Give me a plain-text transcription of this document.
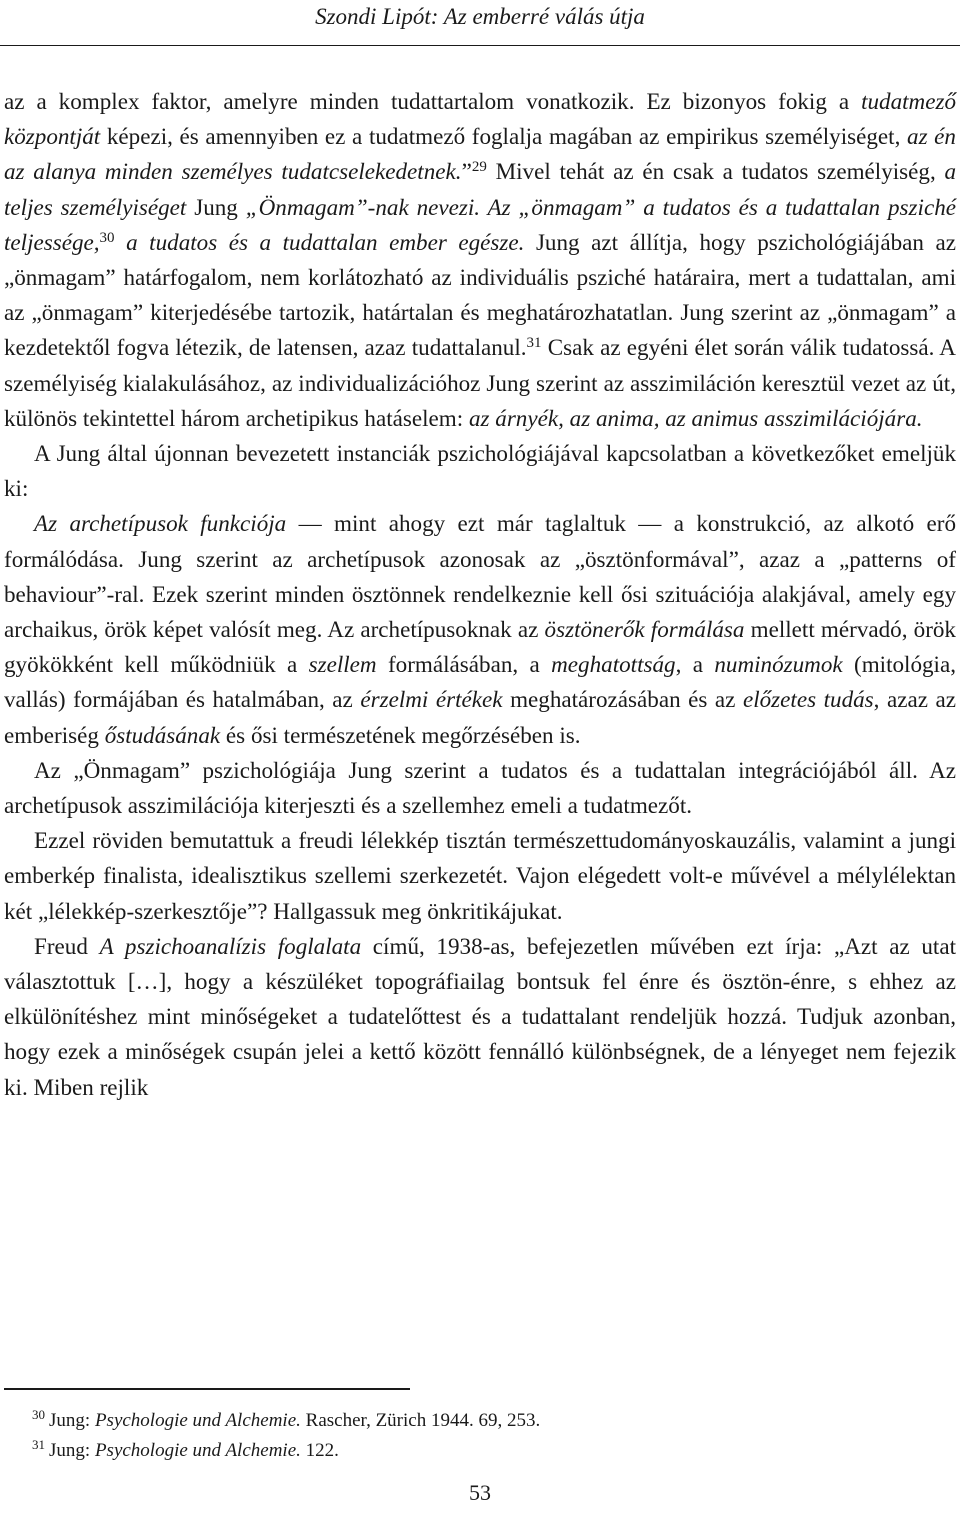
Szondi Lipót: Az emberré válás útja

az a komplex faktor, amelyre minden tudattartalom vonatkozik. Ez bizonyos fokig a tudatmező központját képezi, és amennyiben ez a tudatmező foglalja magában az empirikus személyiséget, az én az alanya minden személyes tudatcselekedetnek.”$^{29}$ Mivel tehát az én csak a tudatos személyiség, a teljes személyiséget Jung „Önmagam”-nak nevezi. Az „önmagam” a tudatos és a tudattalan psziché teljessége,$^{30}$ a tudatos és a tudattalan ember egésze. Jung azt állítja, hogy pszichológiájában az „önmagam” határfogalom, nem korlátozható az individuális psziché határaira, mert a tudattalan, ami az „önmagam” kiterjedésébe tartozik, határtalan és meghatározhatatlan. Jung szerint az „önmagam” a kezdetektől fogva létezik, de latensen, azaz tudattalanul.$^{31}$ Csak az egyéni élet során válik tudatossá. A személyiség kialakulásához, az individualizációhoz Jung szerint az asszimiláción keresztül vezet az út, különös tekintettel három archetipikus hatáselem: az árnyék, az anima, az animus asszimilációjára.

A Jung által újonnan bevezetett instanciák pszichológiájával kapcsolatban a következőket emeljük ki:

Az archetípusok funkciója — mint ahogy ezt már taglaltuk — a konstrukció, az alkotó erő formálódása. Jung szerint az archetípusok azonosak az „ösztönformával”, azaz a „patterns of behaviour”-ral. Ezek szerint minden ösztönnek rendelkeznie kell ősi szituációja alakjával, amely egy archaikus, örök képet valósít meg. Az archetípusoknak az ösztönerők formálása mellett mérvadó, örök gyökökként kell működniük a szellem formálásában, a meghatottság, a numinózumok (mitológia, vallás) formájában és hatalmában, az érzelmi értékek meghatározásában és az előzetes tudás, azaz az emberiség őstudásának és ősi természetének megőrzésében is.

Az „Önmagam” pszichológiája Jung szerint a tudatos és a tudattalan integrációjából áll. Az archetípusok asszimilációja kiterjeszti és a szellemhez emeli a tudatmezőt.

Ezzel röviden bemutattuk a freudi lélekkép tisztán természettudományoskauzális, valamint a jungi emberkép finalista, idealisztikus szellemi szerkezetét. Vajon elégedett volt-e művével a mélylélektan két „lélekkép-szerkesztője”? Hallgassuk meg önkritikájukat.

Freud A pszichoanalízis foglalata című, 1938-as, befejezetlen művében ezt írja: „Azt az utat választottuk […], hogy a készüléket topográfiailag bontsuk fel énre és ösztön-énre, s ehhez az elkülönítéshez mint minőségeket a tudatelőttest és a tudattalant rendeljük hozzá. Tudjuk azonban, hogy ezek a minőségek csupán jelei a kettő között fennálló különbségnek, de a lényeget nem fejezik ki. Miben rejlik

$^{30}$ Jung: Psychologie und Alchemie. Rascher, Zürich 1944. 69, 253.

$^{31}$ Jung: Psychologie und Alchemie. 122.

53
